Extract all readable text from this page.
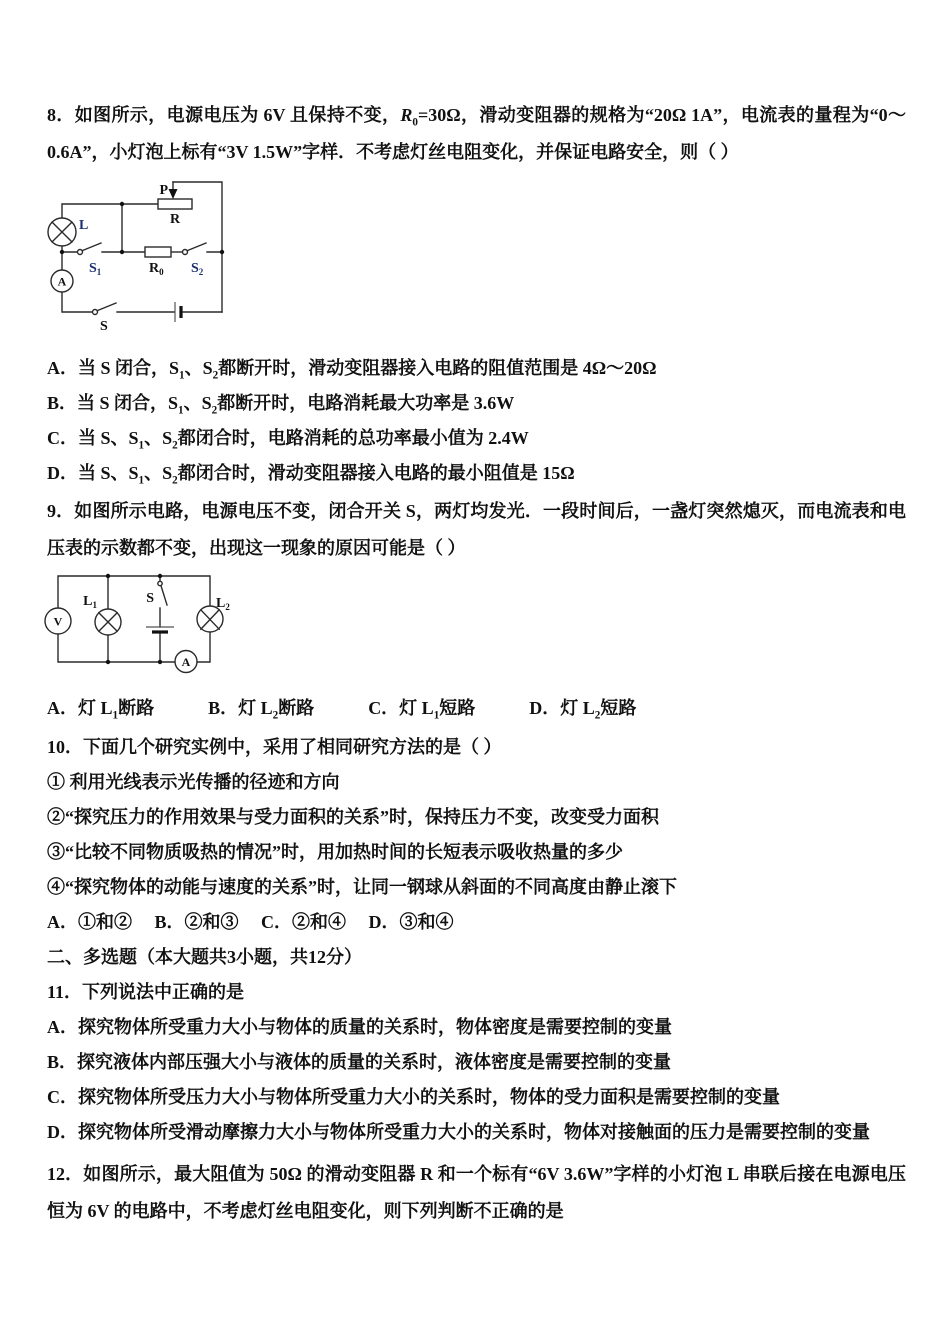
8．如图所示，电源电压为 6V 且保持不变，$R_0=30\Omega$，滑动变阻器的规格为“20Ω 1A”，电流表的量程为“0～0.6A”，小灯泡上标有“3V 1.5W”字样．不考虑灯丝电阻变化，并保证电路安全，则（ ）

A
P
R
L
$S_1$	$R_0$ $S_2$
S

A．当 S 闭合，$S_1$、$S_2$都断开时，滑动变阻器接入电路的阻值范围是 4Ω～20Ω

B．当 S 闭合，$S_1$、$S_2$都断开时，电路消耗最大功率是 3.6W

C．当 S、$S_1$、$S_2$都闭合时，电路消耗的总功率最小值为 2.4W

D．当 S、$S_1$、$S_2$都闭合时，滑动变阻器接入电路的最小阻值是 15Ω

9．如图所示电路，电源电压不变，闭合开关 S，两灯均发光．一段时间后，一盏灯突然熄灭，而电流表和电压表的示数都不变，出现这一现象的原因可能是（ ）

V
A
$L_1$	S	$L_2$

A．灯 $L_1$断路　　　	B．灯 $L_2$断路　　　	C．灯 $L_1$短路　　　	D．灯 $L_2$短路

10．下面几个研究实例中，采用了相同研究方法的是（ ）

① 利用光线表示光传播的径迹和方向

②“探究压力的作用效果与受力面积的关系”时，保持压力不变，改变受力面积

③“比较不同物质吸热的情况”时，用加热时间的长短表示吸收热量的多少

④“探究物体的动能与速度的关系”时，让同一钢球从斜面的不同高度由静止滚下

A．①和②　 B．②和③　 C．②和④　 D．③和④

二、多选题（本大题共3小题，共12分）

11．下列说法中正确的是

A．探究物体所受重力大小与物体的质量的关系时，物体密度是需要控制的变量

B．探究液体内部压强大小与液体的质量的关系时，液体密度是需要控制的变量

C．探究物体所受压力大小与物体所受重力大小的关系时，物体的受力面积是需要控制的变量

D．探究物体所受滑动摩擦力大小与物体所受重力大小的关系时，物体对接触面的压力是需要控制的变量

12．如图所示，最大阻值为 50Ω 的滑动变阻器 R 和一个标有“6V 3.6W”字样的小灯泡 L 串联后接在电源电压恒为 6V 的电路中，不考虑灯丝电阻变化，则下列判断不正确的是
